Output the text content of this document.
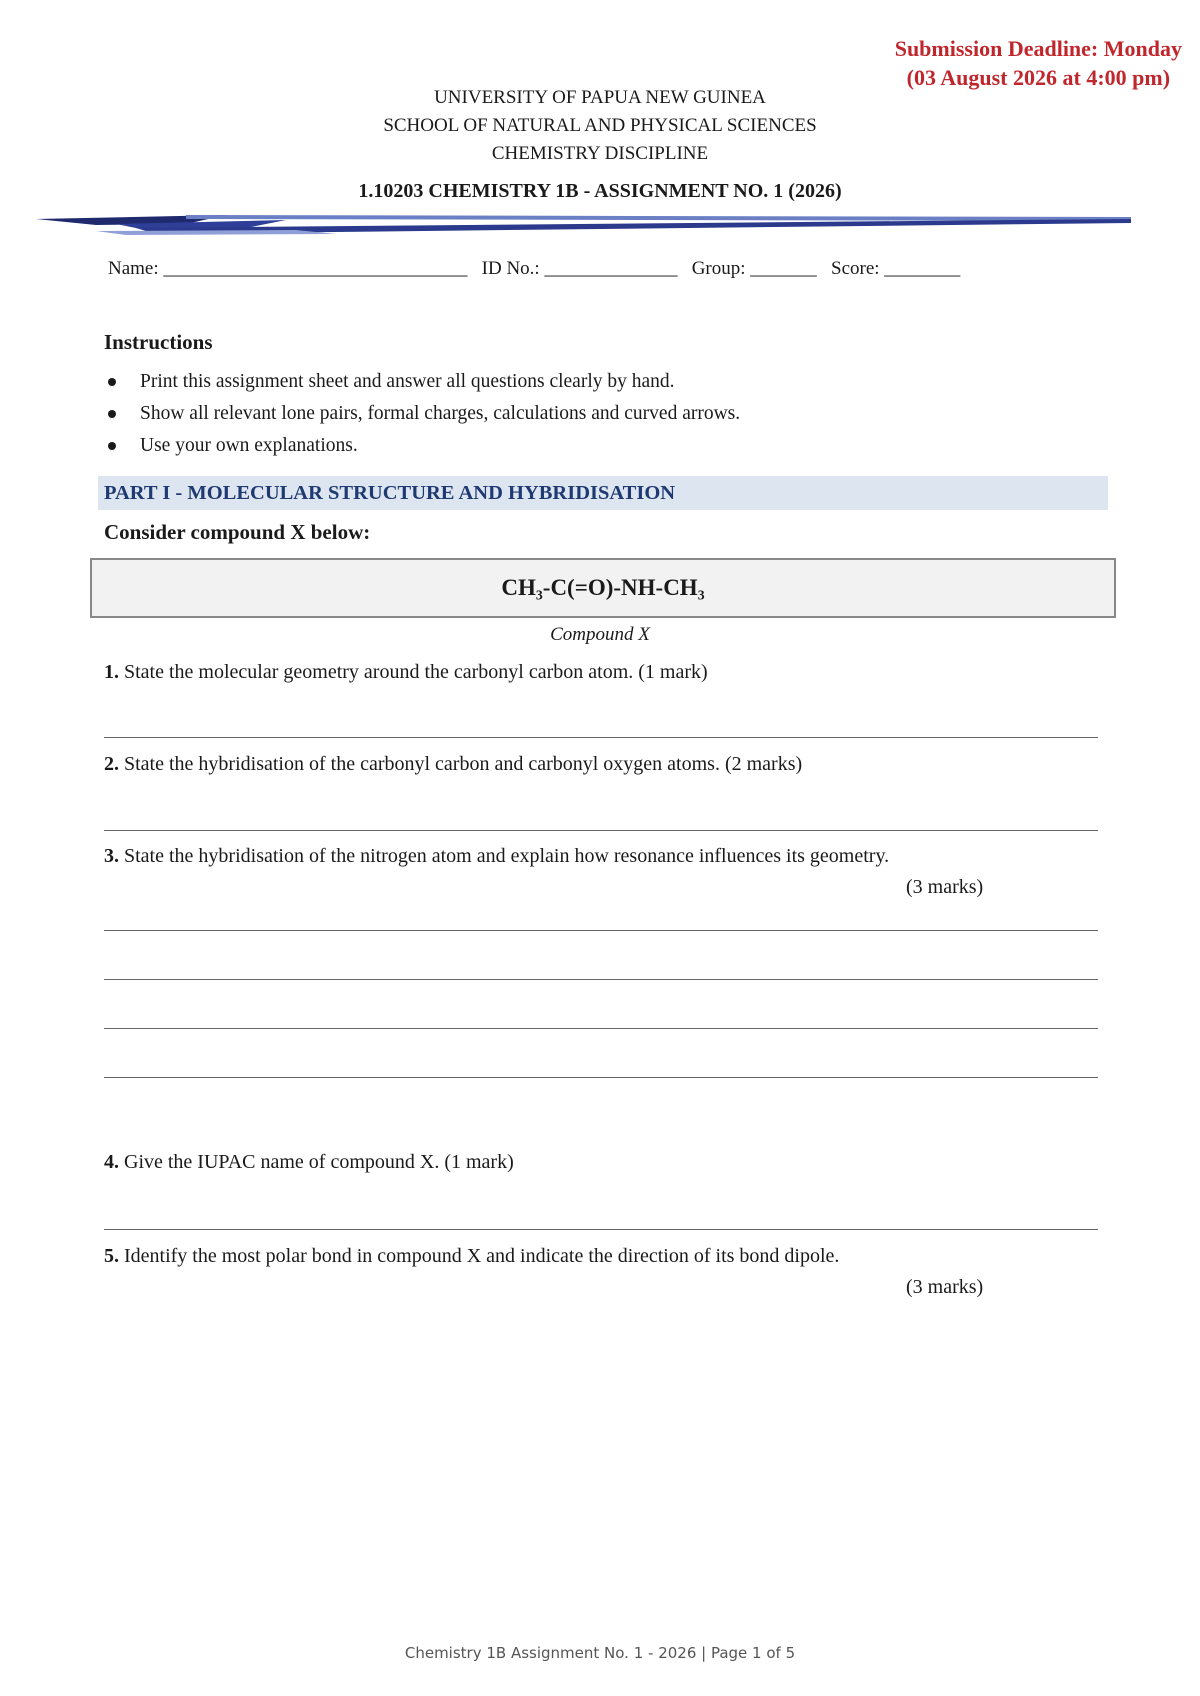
Submission Deadline: Monday
(03 August 2026 at 4:00 pm)
UNIVERSITY OF PAPUA NEW GUINEA
SCHOOL OF NATURAL AND PHYSICAL SCIENCES
CHEMISTRY DISCIPLINE
1.10203 CHEMISTRY 1B - ASSIGNMENT NO. 1 (2026)
Name: ________________________________   ID No.: ______________   Group: _______   Score: ________
Instructions
Print this assignment sheet and answer all questions clearly by hand.
Show all relevant lone pairs, formal charges, calculations and curved arrows.
Use your own explanations.
PART I - MOLECULAR STRUCTURE AND HYBRIDISATION
Consider compound X below:
CH₃-C(=O)-NH-CH₃
Compound X
1. State the molecular geometry around the carbonyl carbon atom. (1 mark)
2. State the hybridisation of the carbonyl carbon and carbonyl oxygen atoms. (2 marks)
3. State the hybridisation of the nitrogen atom and explain how resonance influences its geometry.
(3 marks)
4. Give the IUPAC name of compound X. (1 mark)
5. Identify the most polar bond in compound X and indicate the direction of its bond dipole.
(3 marks)
Chemistry 1B Assignment No. 1 - 2026 | Page 1 of 5
